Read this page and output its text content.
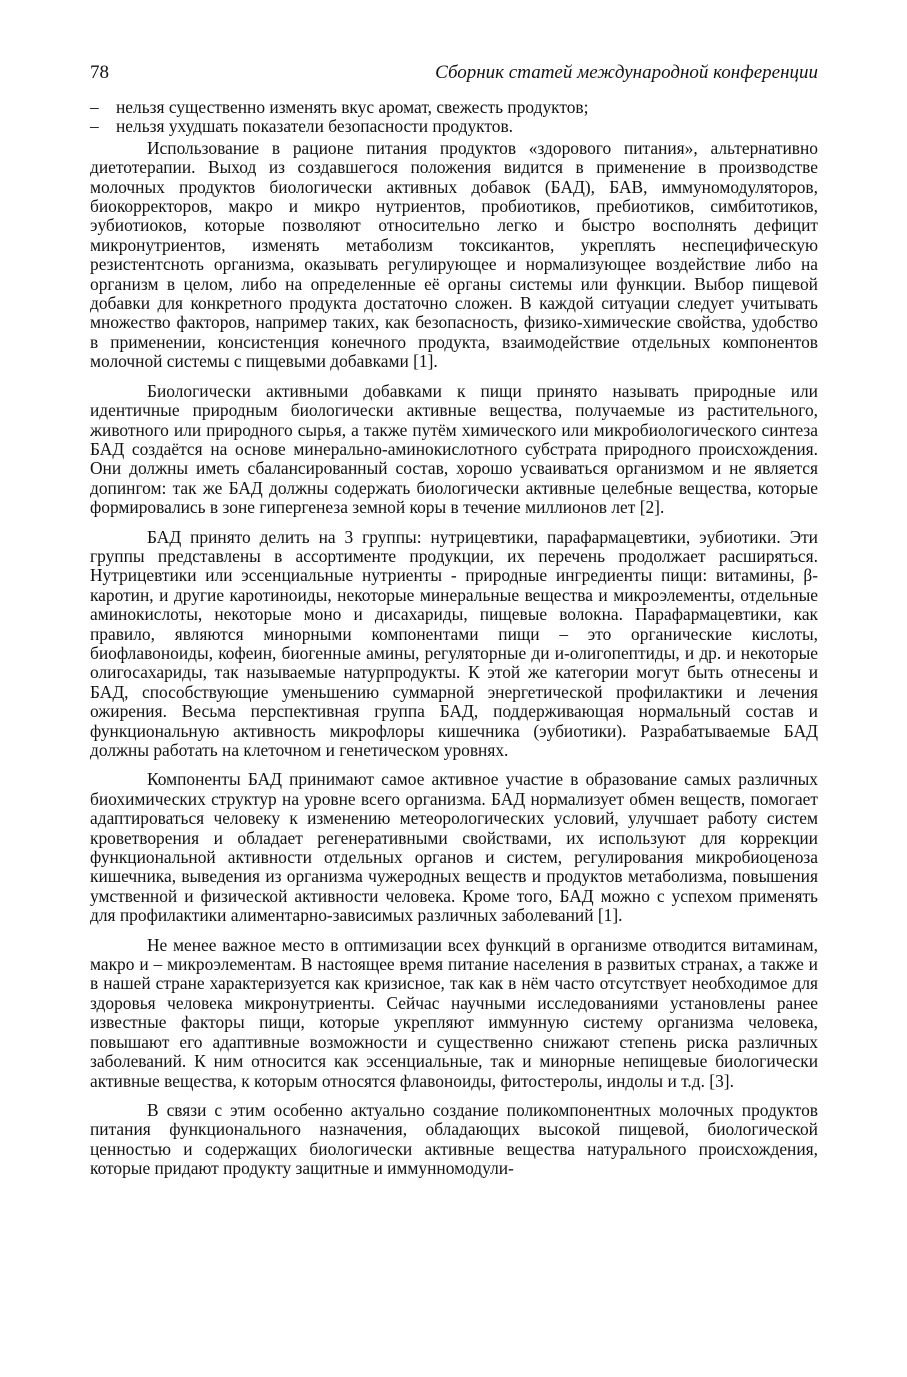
78	Сборник статей международной конференции
– нельзя существенно изменять вкус аромат, свежесть продуктов;
– нельзя ухудшать показатели безопасности продуктов.

Использование в рационе питания продуктов «здорового питания», альтернативно диетотерапии. Выход из создавшегося положения видится в применение в производстве молочных продуктов биологически активных добавок (БАД), БАВ, иммуномодуляторов, биокорректоров, макро и микро нутриентов, пробиотиков, пребиотиков, симбитотиков, эубиотиоков, которые позволяют относительно легко и быстро восполнять дефицит микронутриентов, изменять метаболизм токсикантов, укреплять неспецифическую резистентсноть организма, оказывать регулирующее и нормализующее воздействие либо на организм в целом, либо на определенные её органы системы или функции. Выбор пищевой добавки для конкретного продукта достаточно сложен. В каждой ситуации следует учитывать множество факторов, например таких, как безопасность, физико-химические свойства, удобство в применении, консистенция конечного продукта, взаимодействие отдельных компонентов молочной системы с пищевыми добавками [1].

Биологически активными добавками к пищи принято называть природные или идентичные природным биологически активные вещества, получаемые из растительного, животного или природного сырья, а также путём химического или микробиологического синтеза БАД создаётся на основе минерально-аминокислотного субстрата природного происхождения. Они должны иметь сбалансированный состав, хорошо усваиваться организмом и не является допингом: так же БАД должны содержать биологически активные целебные вещества, которые формировались в зоне гипергенеза земной коры в течение миллионов лет [2].

БАД принято делить на 3 группы: нутрицевтики, парафармацевтики, эубиотики. Эти группы представлены в ассортименте продукции, их перечень продолжает расширяться. Нутрицевтики или эссенциальные нутриенты - природные ингредиенты пищи: витамины, β-каротин, и другие каротиноиды, некоторые минеральные вещества и микроэлементы, отдельные аминокислоты, некоторые моно и дисахариды, пищевые волокна. Парафармацевтики, как правило, являются минорными компонентами пищи – это органические кислоты, биофлавоноиды, кофеин, биогенные амины, регуляторные ди и-олигопептиды, и др. и некоторые олигосахариды, так называемые натурпродукты. К этой же категории могут быть отнесены и БАД, способствующие уменьшению суммарной энергетической профилактики и лечения ожирения. Весьма перспективная группа БАД, поддерживающая нормальный состав и функциональную активность микрофлоры кишечника (эубиотики). Разрабатываемые БАД должны работать на клеточном и генетическом уровнях.

Компоненты БАД принимают самое активное участие в образование самых различных биохимических структур на уровне всего организма. БАД нормализует обмен веществ, помогает адаптироваться человеку к изменению метеорологических условий, улучшает работу систем кроветворения и обладает регенеративными свойствами, их используют для коррекции функциональной активности отдельных органов и систем, регулирования микробиоценоза кишечника, выведения из организма чужеродных веществ и продуктов метаболизма, повышения умственной и физической активности человека. Кроме того, БАД можно с успехом применять для профилактики алиментарно-зависимых различных заболеваний [1].

Не менее важное место в оптимизации всех функций в организме отводится витаминам, макро и – микроэлементам. В настоящее время питание населения в развитых странах, а также и в нашей стране характеризуется как кризисное, так как в нём часто отсутствует необходимое для здоровья человека микронутриенты. Сейчас научными исследованиями установлены ранее известные факторы пищи, которые укрепляют иммунную систему организма человека, повышают его адаптивные возможности и существенно снижают степень риска различных заболеваний. К ним относится как эссенциальные, так и минорные непищевые биологически активные вещества, к которым относятся флавоноиды, фитостеролы, индолы и т.д. [3].

В связи с этим особенно актуально создание поликомпонентных молочных продуктов питания функционального назначения, обладающих высокой пищевой, биологической ценностью и содержащих биологически активные вещества натурального происхождения, которые придают продукту защитные и иммунномодули-
